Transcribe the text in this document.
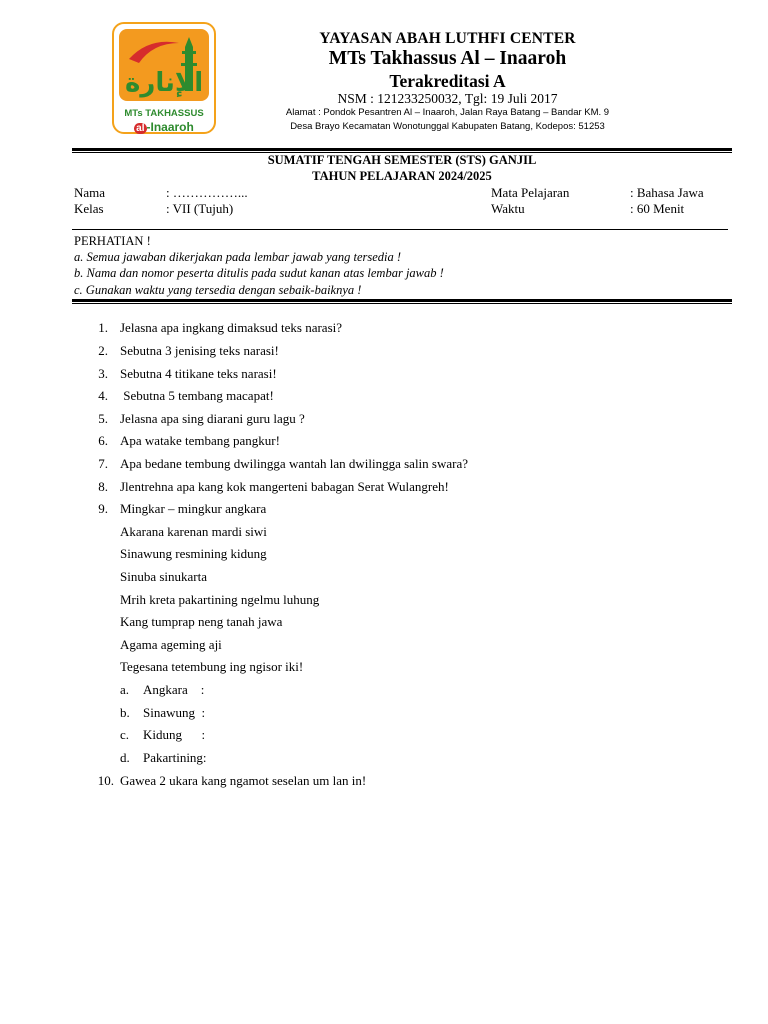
الإنارة
MTs TAKHASSUS
al -Inaaroh
YAYASAN ABAH LUTHFI CENTER
MTs Takhassus Al – Inaaroh
Terakreditasi A
NSM : 121233250032, Tgl: 19 Juli 2017
Alamat : Pondok Pesantren Al – Inaaroh, Jalan Raya Batang – Bandar KM. 9
Desa Brayo Kecamatan Wonotunggal Kabupaten Batang, Kodepos: 51253
SUMATIF TENGAH SEMESTER (STS) GANJIL
TAHUN PELAJARAN 2024/2025
Nama	: ……………...
Kelas	: VII (Tujuh)
Mata Pelajaran	: Bahasa Jawa
Waktu	: 60 Menit
PERHATIAN !
a. Semua jawaban dikerjakan pada lembar jawab yang tersedia !
b. Nama dan nomor peserta ditulis pada sudut kanan atas lembar jawab !
c. Gunakan waktu yang tersedia dengan sebaik-baiknya !
1. Jelasna apa ingkang dimaksud teks narasi?
2. Sebutna 3 jenising teks narasi!
3. Sebutna 4 titikane teks narasi!
4. Sebutna 5 tembang macapat!
5. Jelasna apa sing diarani guru lagu ?
6. Apa watake tembang pangkur!
7. Apa bedane tembung dwilingga wantah lan dwilingga salin swara?
8. Jlentrehna apa kang kok mangerteni babagan Serat Wulangreh!
9. Mingkar – mingkur angkara
Akarana karenan mardi siwi
Sinawung resmining kidung
Sinuba sinukarta
Mrih kreta pakartining ngelmu luhung
Kang tumprap neng tanah jawa
Agama ageming aji
Tegesana tetembung ing ngisor iki!
a. Angkara    :
b. Sinawung  :
c. Kidung      :
d. Pakartining:
10. Gawea 2 ukara kang ngamot seselan um lan in!
